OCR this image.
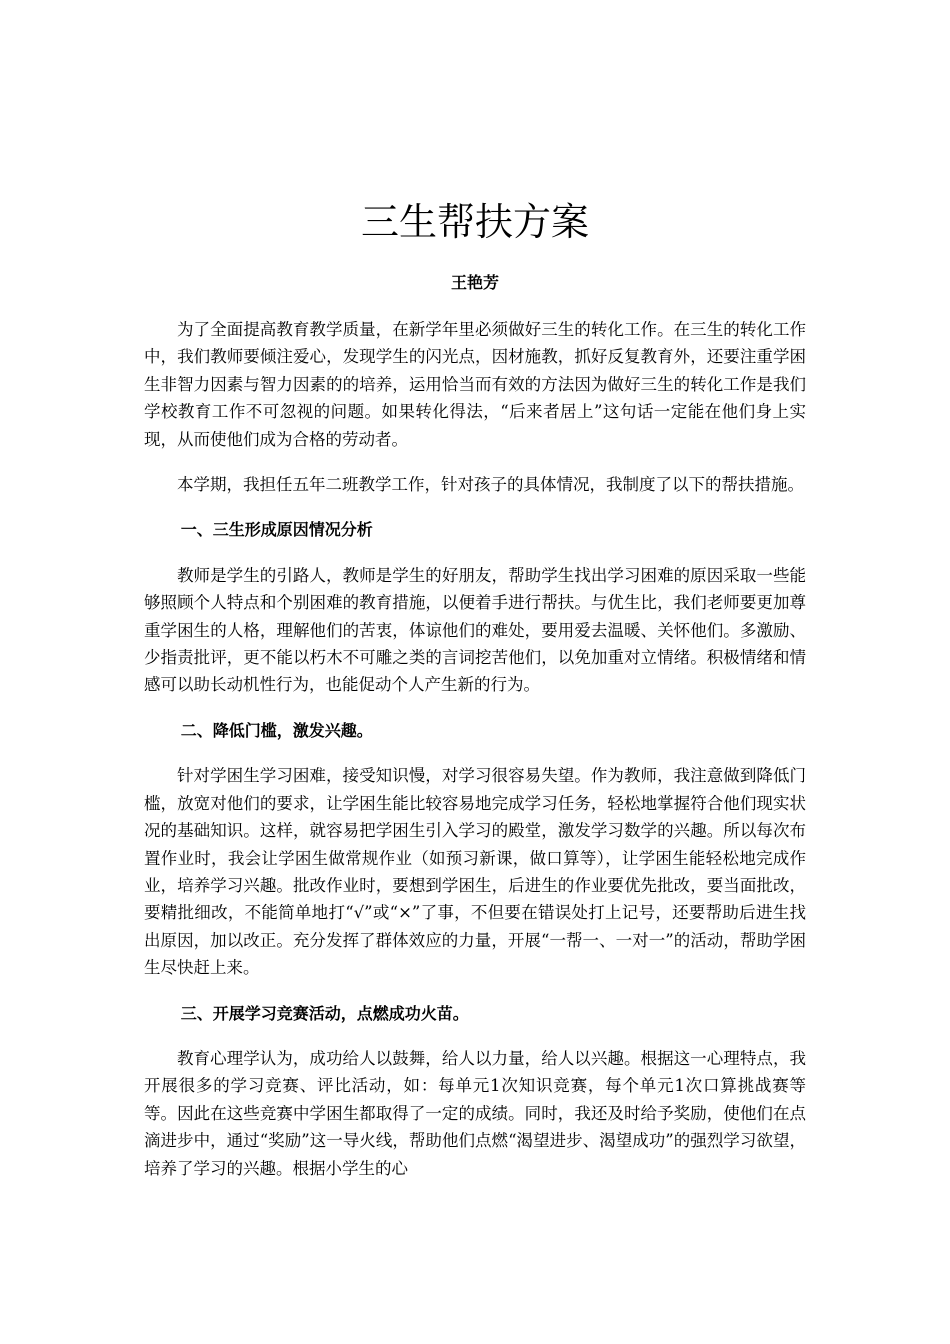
三生帮扶方案
王艳芳

为了全面提高教育教学质量，在新学年里必须做好三生的转化工作。在三生的转化工作中，我们教师要倾注爱心，发现学生的闪光点，因材施教，抓好反复教育外，还要注重学困生非智力因素与智力因素的的培养，运用恰当而有效的方法因为做好三生的转化工作是我们学校教育工作不可忽视的问题。如果转化得法，“后来者居上”这句话一定能在他们身上实现，从而使他们成为合格的劳动者。

本学期，我担任五年二班教学工作，针对孩子的具体情况，我制度了以下的帮扶措施。

一、三生形成原因情况分析

教师是学生的引路人，教师是学生的好朋友，帮助学生找出学习困难的原因采取一些能够照顾个人特点和个别困难的教育措施，以便着手进行帮扶。与优生比，我们老师要更加尊重学困生的人格，理解他们的苦衷，体谅他们的难处，要用爱去温暖、关怀他们。多激励、少指责批评，更不能以朽木不可雕之类的言词挖苦他们，以免加重对立情绪。积极情绪和情感可以助长动机性行为，也能促动个人产生新的行为。

二、降低门槛，激发兴趣。

针对学困生学习困难，接受知识慢，对学习很容易失望。作为教师，我注意做到降低门槛，放宽对他们的要求，让学困生能比较容易地完成学习任务，轻松地掌握符合他们现实状况的基础知识。这样，就容易把学困生引入学习的殿堂，激发学习数学的兴趣。所以每次布置作业时，我会让学困生做常规作业（如预习新课，做口算等），让学困生能轻松地完成作业，培养学习兴趣。批改作业时，要想到学困生，后进生的作业要优先批改，要当面批改，要精批细改，不能简单地打“√”或“×”了事，不但要在错误处打上记号，还要帮助后进生找出原因，加以改正。充分发挥了群体效应的力量，开展“一帮一、一对一”的活动，帮助学困生尽快赶上来。

三、开展学习竞赛活动，点燃成功火苗。

教育心理学认为，成功给人以鼓舞，给人以力量，给人以兴趣。根据这一心理特点，我开展很多的学习竞赛、评比活动，如：每单元1次知识竞赛，每个单元1次口算挑战赛等等。因此在这些竞赛中学困生都取得了一定的成绩。同时，我还及时给予奖励，使他们在点滴进步中，通过“奖励”这一导火线，帮助他们点燃“渴望进步、渴望成功”的强烈学习欲望，培养了学习的兴趣。根据小学生的心
